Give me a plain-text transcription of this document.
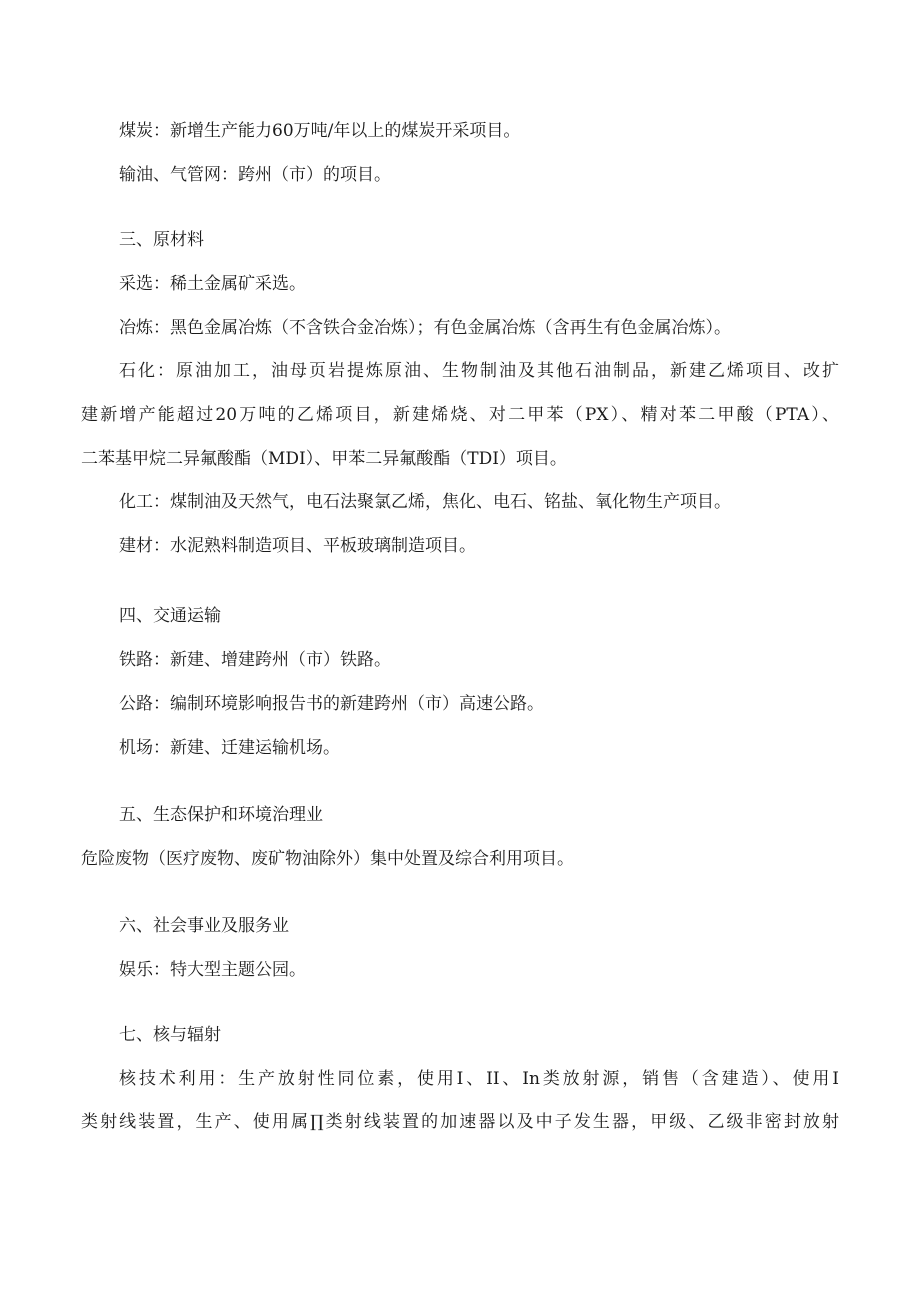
煤炭：新增生产能力60万吨/年以上的煤炭开采项目。
输油、气管网：跨州（市）的项目。
三、原材料
采选：稀土金属矿采选。
冶炼：黑色金属冶炼（不含铁合金冶炼）；有色金属冶炼（含再生有色金属冶炼）。
石化：原油加工，油母页岩提炼原油、生物制油及其他石油制品，新建乙烯项目、改扩
建新增产能超过20万吨的乙烯项目，新建烯烧、对二甲苯（PX）、精对苯二甲酸（PTA）、
二苯基甲烷二异氟酸酯（MDI）、甲苯二异氟酸酯（TDI）项目。
化工：煤制油及天然气，电石法聚氯乙烯，焦化、电石、铭盐、氧化物生产项目。
建材：水泥熟料制造项目、平板玻璃制造项目。
四、交通运输
铁路：新建、增建跨州（市）铁路。
公路：编制环境影响报告书的新建跨州（市）高速公路。
机场：新建、迁建运输机场。
五、生态保护和环境治理业
危险废物（医疗废物、废矿物油除外）集中处置及综合利用项目。
六、社会事业及服务业
娱乐：特大型主题公园。
七、核与辐射
核技术利用：生产放射性同位素，使用I、II、In类放射源，销售（含建造）、使用I
类射线装置，生产、使用属∏类射线装置的加速器以及中子发生器，甲级、乙级非密封放射
